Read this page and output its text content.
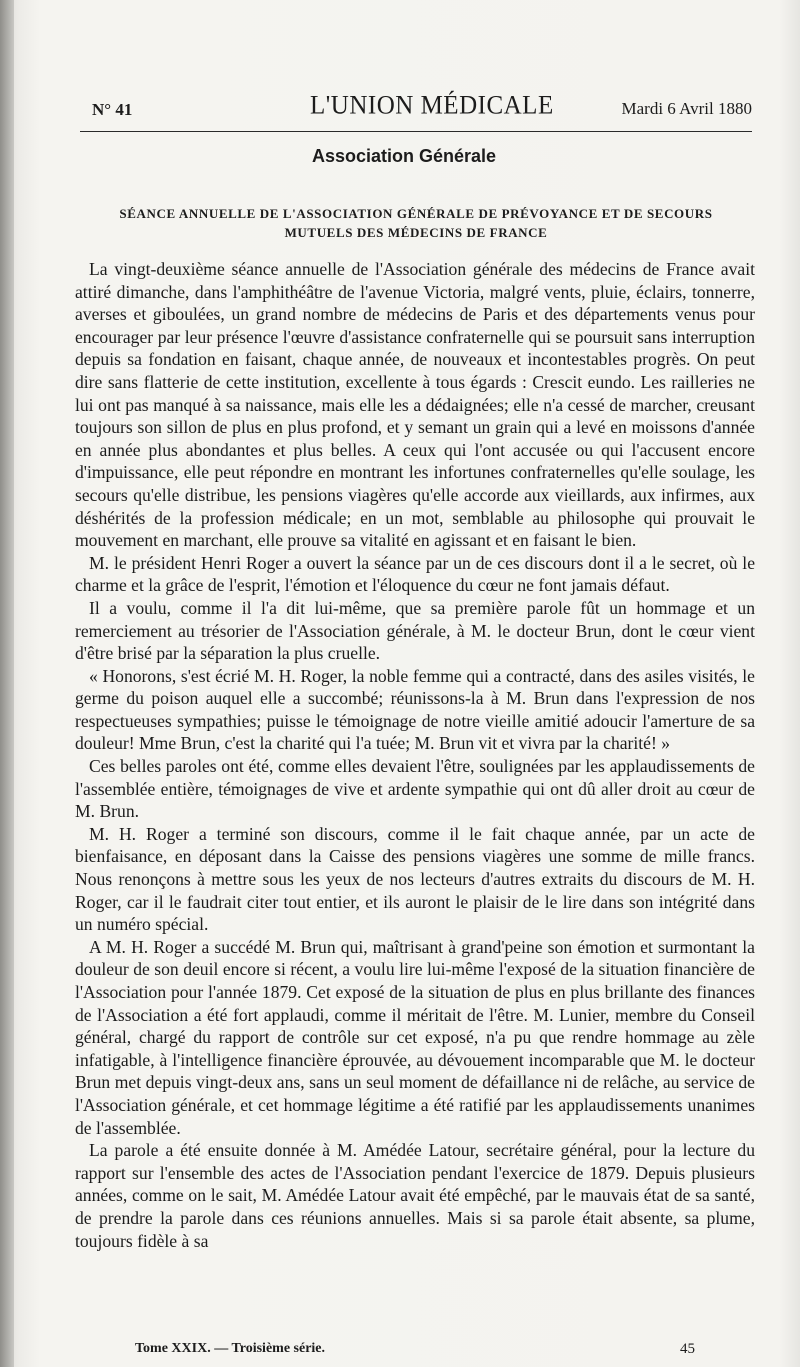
N° 41	L'UNION MÉDICALE	Mardi 6 Avril 1880
Association Générale
SÉANCE ANNUELLE DE L'ASSOCIATION GÉNÉRALE DE PRÉVOYANCE ET DE SECOURS
MUTUELS DES MÉDECINS DE FRANCE

La vingt-deuxième séance annuelle de l'Association générale des médecins de France avait attiré dimanche, dans l'amphithéâtre de l'avenue Victoria, malgré vents, pluie, éclairs, tonnerre, averses et giboulées, un grand nombre de médecins de Paris et des départements venus pour encourager par leur présence l'œuvre d'assistance confraternelle qui se poursuit sans interruption depuis sa fondation en faisant, chaque année, de nouveaux et incontestables progrès. On peut dire sans flatterie de cette institution, excellente à tous égards : Crescit eundo. Les railleries ne lui ont pas manqué à sa naissance, mais elle les a dédaignées; elle n'a cessé de marcher, creusant toujours son sillon de plus en plus profond, et y semant un grain qui a levé en moissons d'année en année plus abondantes et plus belles. A ceux qui l'ont accusée ou qui l'accusent encore d'impuissance, elle peut répondre en montrant les infortunes confraternelles qu'elle soulage, les secours qu'elle distribue, les pensions viagères qu'elle accorde aux vieillards, aux infirmes, aux déshérités de la profession médicale; en un mot, semblable au philosophe qui prouvait le mouvement en marchant, elle prouve sa vitalité en agissant et en faisant le bien.

M. le président Henri Roger a ouvert la séance par un de ces discours dont il a le secret, où le charme et la grâce de l'esprit, l'émotion et l'éloquence du cœur ne font jamais défaut.

Il a voulu, comme il l'a dit lui-même, que sa première parole fût un hommage et un remerciement au trésorier de l'Association générale, à M. le docteur Brun, dont le cœur vient d'être brisé par la séparation la plus cruelle.

« Honorons, s'est écrié M. H. Roger, la noble femme qui a contracté, dans des asiles visités, le germe du poison auquel elle a succombé; réunissons-la à M. Brun dans l'expression de nos respectueuses sympathies; puisse le témoignage de notre vieille amitié adoucir l'amerture de sa douleur! Mme Brun, c'est la charité qui l'a tuée; M. Brun vit et vivra par la charité! »

Ces belles paroles ont été, comme elles devaient l'être, soulignées par les applaudissements de l'assemblée entière, témoignages de vive et ardente sympathie qui ont dû aller droit au cœur de M. Brun.

M. H. Roger a terminé son discours, comme il le fait chaque année, par un acte de bienfaisance, en déposant dans la Caisse des pensions viagères une somme de mille francs. Nous renonçons à mettre sous les yeux de nos lecteurs d'autres extraits du discours de M. H. Roger, car il le faudrait citer tout entier, et ils auront le plaisir de le lire dans son intégrité dans un numéro spécial.

A M. H. Roger a succédé M. Brun qui, maîtrisant à grand'peine son émotion et surmontant la douleur de son deuil encore si récent, a voulu lire lui-même l'exposé de la situation financière de l'Association pour l'année 1879. Cet exposé de la situation de plus en plus brillante des finances de l'Association a été fort applaudi, comme il méritait de l'être. M. Lunier, membre du Conseil général, chargé du rapport de contrôle sur cet exposé, n'a pu que rendre hommage au zèle infatigable, à l'intelligence financière éprouvée, au dévouement incomparable que M. le docteur Brun met depuis vingt-deux ans, sans un seul moment de défaillance ni de relâche, au service de l'Association générale, et cet hommage légitime a été ratifié par les applaudissements unanimes de l'assemblée.

La parole a été ensuite donnée à M. Amédée Latour, secrétaire général, pour la lecture du rapport sur l'ensemble des actes de l'Association pendant l'exercice de 1879. Depuis plusieurs années, comme on le sait, M. Amédée Latour avait été empêché, par le mauvais état de sa santé, de prendre la parole dans ces réunions annuelles. Mais si sa parole était absente, sa plume, toujours fidèle à sa

Tome XXIX. — Troisième série.	45
